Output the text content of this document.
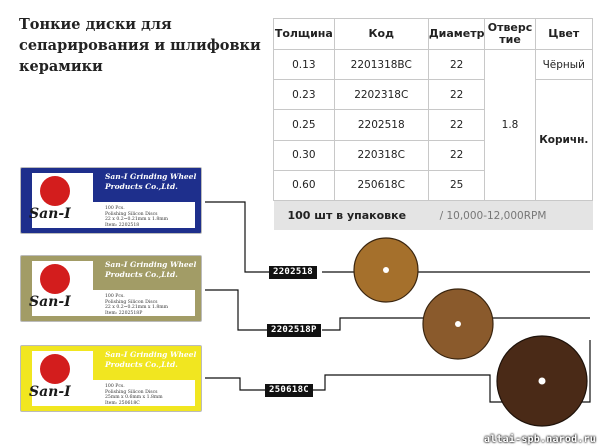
Тонкие диски для сепарирования и шлифовки керамики
Толщина	Код	Диаметр	Отверс тие	Цвет
0.13	2201318BC	22	1.8	Чёрный
0.23	2202318C	22		Коричн.
0.25	2202518	22		
0.30	220318C	22		
0.60	250618C	25		
100 шт в упаковке / 10,000-12,000RPM				
2202518
2202518P
250618C
San-I
San-I Grinding Wheel Products Co.,Ltd.
100 Pcs.
Polishing Silicon Discs
22 x 0.2~0.21mm x 1.8mm
Item: 2202518
San-I
San-I Grinding Wheel Products Co.,Ltd.
100 Pcs.
Polishing Silicon Discs
22 x 0.2~0.21mm x 1.8mm
Item: 2202518P
San-I
San-I Grinding Wheel Products Co.,Ltd.
100 Pcs.
Polishing Silicon Discs
25mm x 0.6mm x 1.8mm
Item: 250618C
altai-spb.narod.ru
